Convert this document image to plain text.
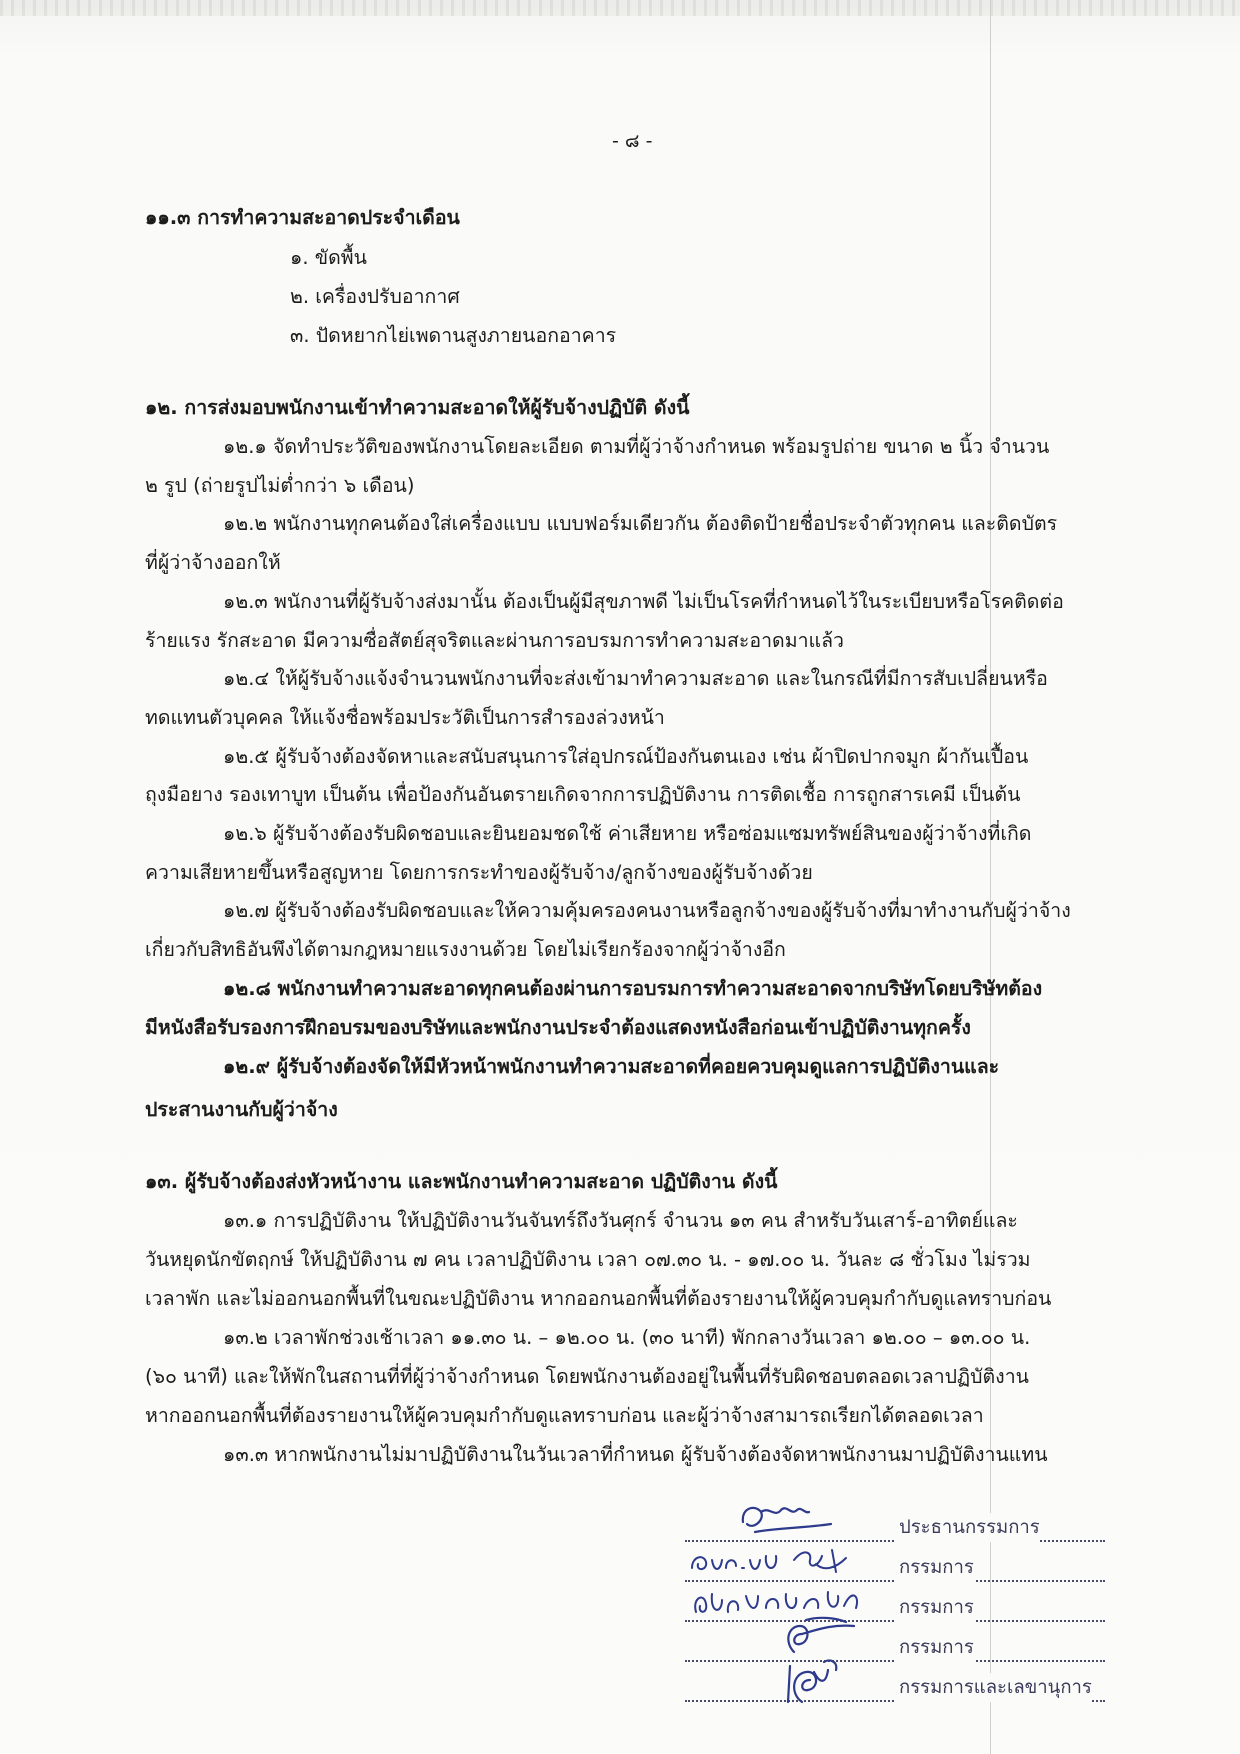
- ๘ -
๑๑.๓ การทำความสะอาดประจำเดือน
๑. ขัดพื้น
๒. เครื่องปรับอากาศ
๓. ปัดหยากไย่เพดานสูงภายนอกอาคาร
๑๒. การส่งมอบพนักงานเข้าทำความสะอาดให้ผู้รับจ้างปฏิบัติ ดังนี้
๑๒.๑ จัดทำประวัติของพนักงานโดยละเอียด ตามที่ผู้ว่าจ้างกำหนด พร้อมรูปถ่าย ขนาด ๒ นิ้ว จำนวน
๒ รูป (ถ่ายรูปไม่ต่ำกว่า ๖ เดือน)
๑๒.๒ พนักงานทุกคนต้องใส่เครื่องแบบ แบบฟอร์มเดียวกัน ต้องติดป้ายชื่อประจำตัวทุกคน และติดบัตร
ที่ผู้ว่าจ้างออกให้
๑๒.๓ พนักงานที่ผู้รับจ้างส่งมานั้น ต้องเป็นผู้มีสุขภาพดี ไม่เป็นโรคที่กำหนดไว้ในระเบียบหรือโรคติดต่อ
ร้ายแรง รักสะอาด มีความซื่อสัตย์สุจริตและผ่านการอบรมการทำความสะอาดมาแล้ว
๑๒.๔ ให้ผู้รับจ้างแจ้งจำนวนพนักงานที่จะส่งเข้ามาทำความสะอาด และในกรณีที่มีการสับเปลี่ยนหรือ
ทดแทนตัวบุคคล ให้แจ้งชื่อพร้อมประวัติเป็นการสำรองล่วงหน้า
๑๒.๕ ผู้รับจ้างต้องจัดหาและสนับสนุนการใส่อุปกรณ์ป้องกันตนเอง เช่น ผ้าปิดปากจมูก ผ้ากันเปื้อน
ถุงมือยาง รองเทาบูท เป็นต้น เพื่อป้องกันอันตรายเกิดจากการปฏิบัติงาน การติดเชื้อ การถูกสารเคมี เป็นต้น
๑๒.๖ ผู้รับจ้างต้องรับผิดชอบและยินยอมชดใช้ ค่าเสียหาย หรือซ่อมแซมทรัพย์สินของผู้ว่าจ้างที่เกิด
ความเสียหายขึ้นหรือสูญหาย โดยการกระทำของผู้รับจ้าง/ลูกจ้างของผู้รับจ้างด้วย
๑๒.๗ ผู้รับจ้างต้องรับผิดชอบและให้ความคุ้มครองคนงานหรือลูกจ้างของผู้รับจ้างที่มาทำงานกับผู้ว่าจ้าง
เกี่ยวกับสิทธิอันพึงได้ตามกฎหมายแรงงานด้วย โดยไม่เรียกร้องจากผู้ว่าจ้างอีก
๑๒.๘ พนักงานทำความสะอาดทุกคนต้องผ่านการอบรมการทำความสะอาดจากบริษัทโดยบริษัทต้อง
มีหนังสือรับรองการฝึกอบรมของบริษัทและพนักงานประจำต้องแสดงหนังสือก่อนเข้าปฏิบัติงานทุกครั้ง
๑๒.๙ ผู้รับจ้างต้องจัดให้มีหัวหน้าพนักงานทำความสะอาดที่คอยควบคุมดูแลการปฏิบัติงานและ
ประสานงานกับผู้ว่าจ้าง
๑๓. ผู้รับจ้างต้องส่งหัวหน้างาน และพนักงานทำความสะอาด ปฏิบัติงาน ดังนี้
๑๓.๑ การปฏิบัติงาน ให้ปฏิบัติงานวันจันทร์ถึงวันศุกร์ จำนวน ๑๓ คน สำหรับวันเสาร์-อาทิตย์และ
วันหยุดนักขัตฤกษ์ ให้ปฏิบัติงาน ๗ คน เวลาปฏิบัติงาน เวลา ๐๗.๓๐ น. - ๑๗.๐๐ น. วันละ ๘ ชั่วโมง ไม่รวม
เวลาพัก และไม่ออกนอกพื้นที่ในขณะปฏิบัติงาน หากออกนอกพื้นที่ต้องรายงานให้ผู้ควบคุมกำกับดูแลทราบก่อน
๑๓.๒ เวลาพักช่วงเช้าเวลา ๑๑.๓๐ น. – ๑๒.๐๐ น. (๓๐ นาที) พักกลางวันเวลา ๑๒.๐๐ – ๑๓.๐๐ น.
(๖๐ นาที) และให้พักในสถานที่ที่ผู้ว่าจ้างกำหนด โดยพนักงานต้องอยู่ในพื้นที่รับผิดชอบตลอดเวลาปฏิบัติงาน
หากออกนอกพื้นที่ต้องรายงานให้ผู้ควบคุมกำกับดูแลทราบก่อน และผู้ว่าจ้างสามารถเรียกได้ตลอดเวลา
๑๓.๓ หากพนักงานไม่มาปฏิบัติงานในวันเวลาที่กำหนด ผู้รับจ้างต้องจัดหาพนักงานมาปฏิบัติงานแทน
ประธานกรรมการ
กรรมการ
กรรมการ
กรรมการ
กรรมการและเลขานุการ
